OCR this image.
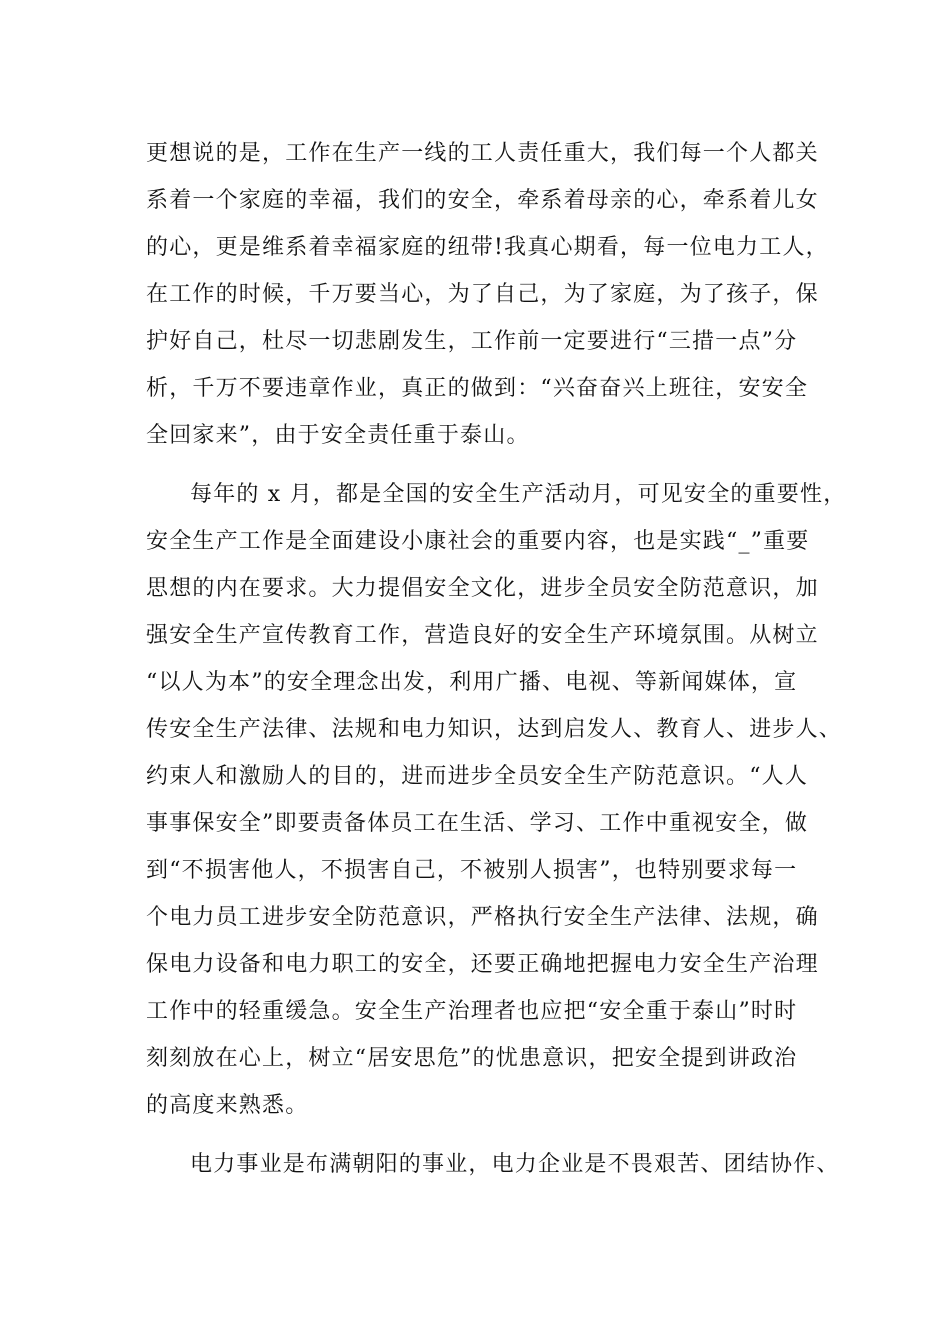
更想说的是，工作在生产一线的工人责任重大，我们每一个人都关
系着一个家庭的幸福，我们的安全，牵系着母亲的心，牵系着儿女
的心，更是维系着幸福家庭的纽带!我真心期看，每一位电力工人，
在工作的时候，千万要当心，为了自己，为了家庭，为了孩子，保
护好自己，杜尽一切悲剧发生，工作前一定要进行“三措一点”分
析，千万不要违章作业，真正的做到：“兴奋奋兴上班往，安安全
全回家来”，由于安全责任重于泰山。
每年的 x 月，都是全国的安全生产活动月，可见安全的重要性，
安全生产工作是全面建设小康社会的重要内容，也是实践“_”重要
思想的内在要求。大力提倡安全文化，进步全员安全防范意识，加
强安全生产宣传教育工作，营造良好的安全生产环境氛围。从树立
“以人为本”的安全理念出发，利用广播、电视、等新闻媒体，宣
传安全生产法律、法规和电力知识，达到启发人、教育人、进步人、
约束人和激励人的目的，进而进步全员安全生产防范意识。“人人
事事保安全”即要责备体员工在生活、学习、工作中重视安全，做
到“不损害他人，不损害自己，不被别人损害”，也特别要求每一
个电力员工进步安全防范意识，严格执行安全生产法律、法规，确
保电力设备和电力职工的安全，还要正确地把握电力安全生产治理
工作中的轻重缓急。安全生产治理者也应把“安全重于泰山”时时
刻刻放在心上，树立“居安思危”的忧患意识，把安全提到讲政治
的高度来熟悉。
电力事业是布满朝阳的事业，电力企业是不畏艰苦、团结协作、
